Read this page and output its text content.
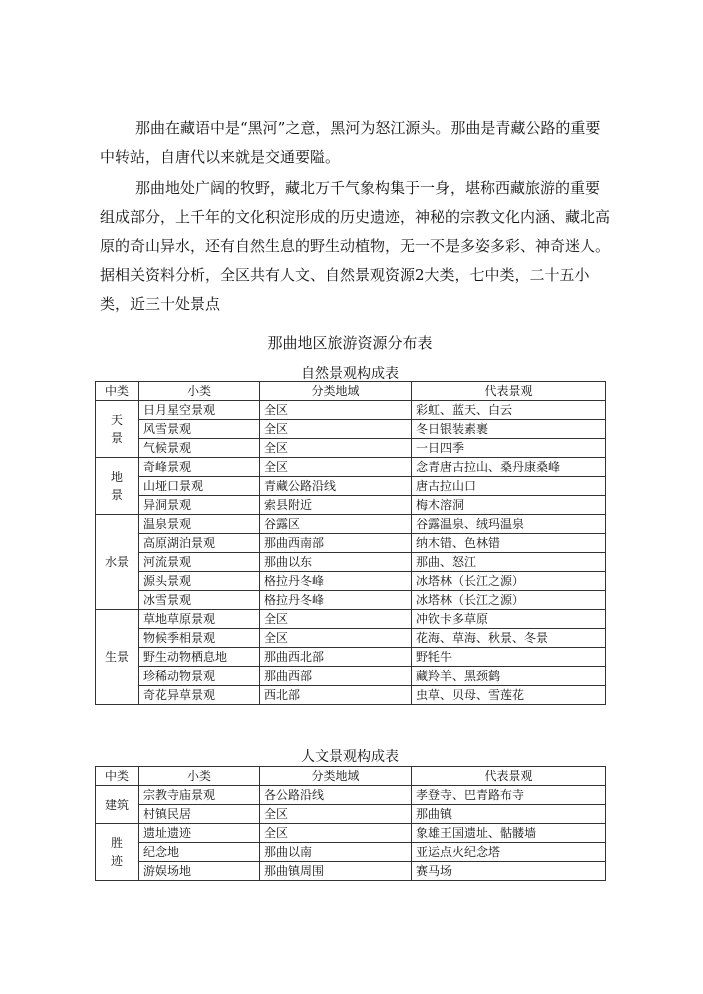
那曲在藏语中是“黑河”之意，黑河为怒江源头。那曲是青藏公路的重要中转站，自唐代以来就是交通要隘。

那曲地处广阔的牧野，藏北万千气象构集于一身，堪称西藏旅游的重要组成部分，上千年的文化积淀形成的历史遗迹，神秘的宗教文化内涵、藏北高原的奇山异水，还有自然生息的野生动植物，无一不是多姿多彩、神奇迷人。据相关资料分析，全区共有人文、自然景观资源2大类，七中类，二十五小类，近三十处景点

那曲地区旅游资源分布表
自然景观构成表
中类	小类	分类地域	代表景观
天景	日月星空景观	全区	彩虹、蓝天、白云
	风雪景观	全区	冬日银装素裹
	气候景观	全区	一日四季
地景	奇峰景观	全区	念青唐古拉山、桑丹康桑峰
	山垭口景观	青藏公路沿线	唐古拉山口
	异洞景观	索县附近	梅木溶洞
水景	温泉景观	谷露区	谷露温泉、绒玛温泉
	高原湖泊景观	那曲西南部	纳木错、色林错
	河流景观	那曲以东	那曲、怒江
	源头景观	格拉丹冬峰	冰塔林（长江之源）
	冰雪景观	格拉丹冬峰	冰塔林（长江之源）
生景	草地草原景观	全区	冲钦卡多草原
	物候季相景观	全区	花海、草海、秋景、冬景
	野生动物栖息地	那曲西北部	野牦牛
	珍稀动物景观	那曲西部	藏羚羊、黑颈鹤
	奇花异草景观	西北部	虫草、贝母、雪莲花
人文景观构成表
中类	小类	分类地域	代表景观
建筑	宗教寺庙景观	各公路沿线	孝登寺、巴青路布寺
	村镇民居	全区	那曲镇
胜迹	遗址遗迹	全区	象雄王国遗址、骷髅墙
	纪念地	那曲以南	亚运点火纪念塔
	游娱场地	那曲镇周围	赛马场
